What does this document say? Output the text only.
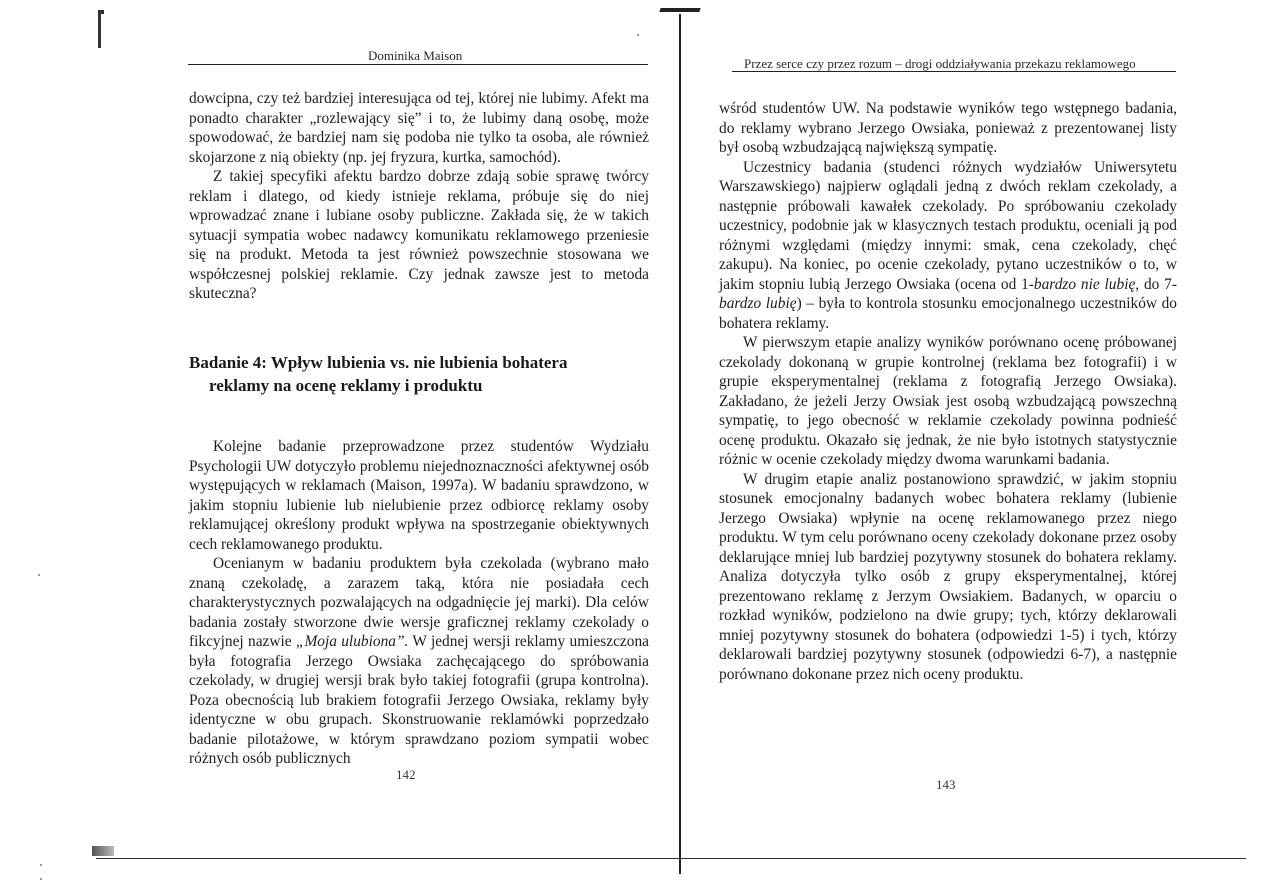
Dominika Maison

dowcipna, czy też bardziej interesująca od tej, której nie lubimy. Afekt ma ponadto charakter „rozlewający się” i to, że lubimy daną osobę, może spowodować, że bardziej nam się podoba nie tylko ta osoba, ale również skojarzone z nią obiekty (np. jej fryzura, kurtka, samochód).

Z takiej specyfiki afektu bardzo dobrze zdają sobie sprawę twórcy reklam i dlatego, od kiedy istnieje reklama, próbuje się do niej wprowadzać znane i lubiane osoby publiczne. Zakłada się, że w takich sytuacji sympatia wobec nadawcy komunikatu reklamowego przeniesie się na produkt. Metoda ta jest również powszechnie stosowana we współczesnej polskiej reklamie. Czy jednak zawsze jest to metoda skuteczna?

Badanie 4: Wpływ lubienia vs. nie lubienia bohatera
reklamy na ocenę reklamy i produktu

Kolejne badanie przeprowadzone przez studentów Wydziału Psychologii UW dotyczyło problemu niejednoznaczności afektywnej osób występujących w reklamach (Maison, 1997a). W badaniu sprawdzono, w jakim stopniu lubienie lub nielubienie przez odbiorcę reklamy osoby reklamującej określony produkt wpływa na spostrzeganie obiektywnych cech reklamowanego produktu.

Ocenianym w badaniu produktem była czekolada (wybrano mało znaną czekoladę, a zarazem taką, która nie posiadała cech charakterystycznych pozwalających na odgadnięcie jej marki). Dla celów badania zostały stworzone dwie wersje graficznej reklamy czekolady o fikcyjnej nazwie „Moja ulubiona”. W jednej wersji reklamy umieszczona była fotografia Jerzego Owsiaka zachęcającego do spróbowania czekolady, w drugiej wersji brak było takiej fotografii (grupa kontrolna). Poza obecnością lub brakiem fotografii Jerzego Owsiaka, reklamy były identyczne w obu grupach. Skonstruowanie reklamówki poprzedzało badanie pilotażowe, w którym sprawdzano poziom sympatii wobec różnych osób publicznych

142
Przez serce czy przez rozum – drogi oddziaływania przekazu reklamowego

wśród studentów UW. Na podstawie wyników tego wstępnego badania, do reklamy wybrano Jerzego Owsiaka, ponieważ z prezentowanej listy był osobą wzbudzającą największą sympatię.

Uczestnicy badania (studenci różnych wydziałów Uniwersytetu Warszawskiego) najpierw oglądali jedną z dwóch reklam czekolady, a następnie próbowali kawałek czekolady. Po spróbowaniu czekolady uczestnicy, podobnie jak w klasycznych testach produktu, oceniali ją pod różnymi względami (między innymi: smak, cena czekolady, chęć zakupu). Na koniec, po ocenie czekolady, pytano uczestników o to, w jakim stopniu lubią Jerzego Owsiaka (ocena od 1-bardzo nie lubię, do 7- bardzo lubię) – była to kontrola stosunku emocjonalnego uczestników do bohatera reklamy.

W pierwszym etapie analizy wyników porównano ocenę próbowanej czekolady dokonaną w grupie kontrolnej (reklama bez fotografii) i w grupie eksperymentalnej (reklama z fotografią Jerzego Owsiaka). Zakładano, że jeżeli Jerzy Owsiak jest osobą wzbudzającą powszechną sympatię, to jego obecność w reklamie czekolady powinna podnieść ocenę produktu. Okazało się jednak, że nie było istotnych statystycznie różnic w ocenie czekolady między dwoma warunkami badania.

W drugim etapie analiz postanowiono sprawdzić, w jakim stopniu stosunek emocjonalny badanych wobec bohatera reklamy (lubienie Jerzego Owsiaka) wpłynie na ocenę reklamowanego przez niego produktu. W tym celu porównano oceny czekolady dokonane przez osoby deklarujące mniej lub bardziej pozytywny stosunek do bohatera reklamy. Analiza dotyczyła tylko osób z grupy eksperymentalnej, której prezentowano reklamę z Jerzym Owsiakiem. Badanych, w oparciu o rozkład wyników, podzielono na dwie grupy; tych, którzy deklarowali mniej pozytywny stosunek do bohatera (odpowiedzi 1-5) i tych, którzy deklarowali bardziej pozytywny stosunek (odpowiedzi 6-7), a następnie porównano dokonane przez nich oceny produktu.

143
